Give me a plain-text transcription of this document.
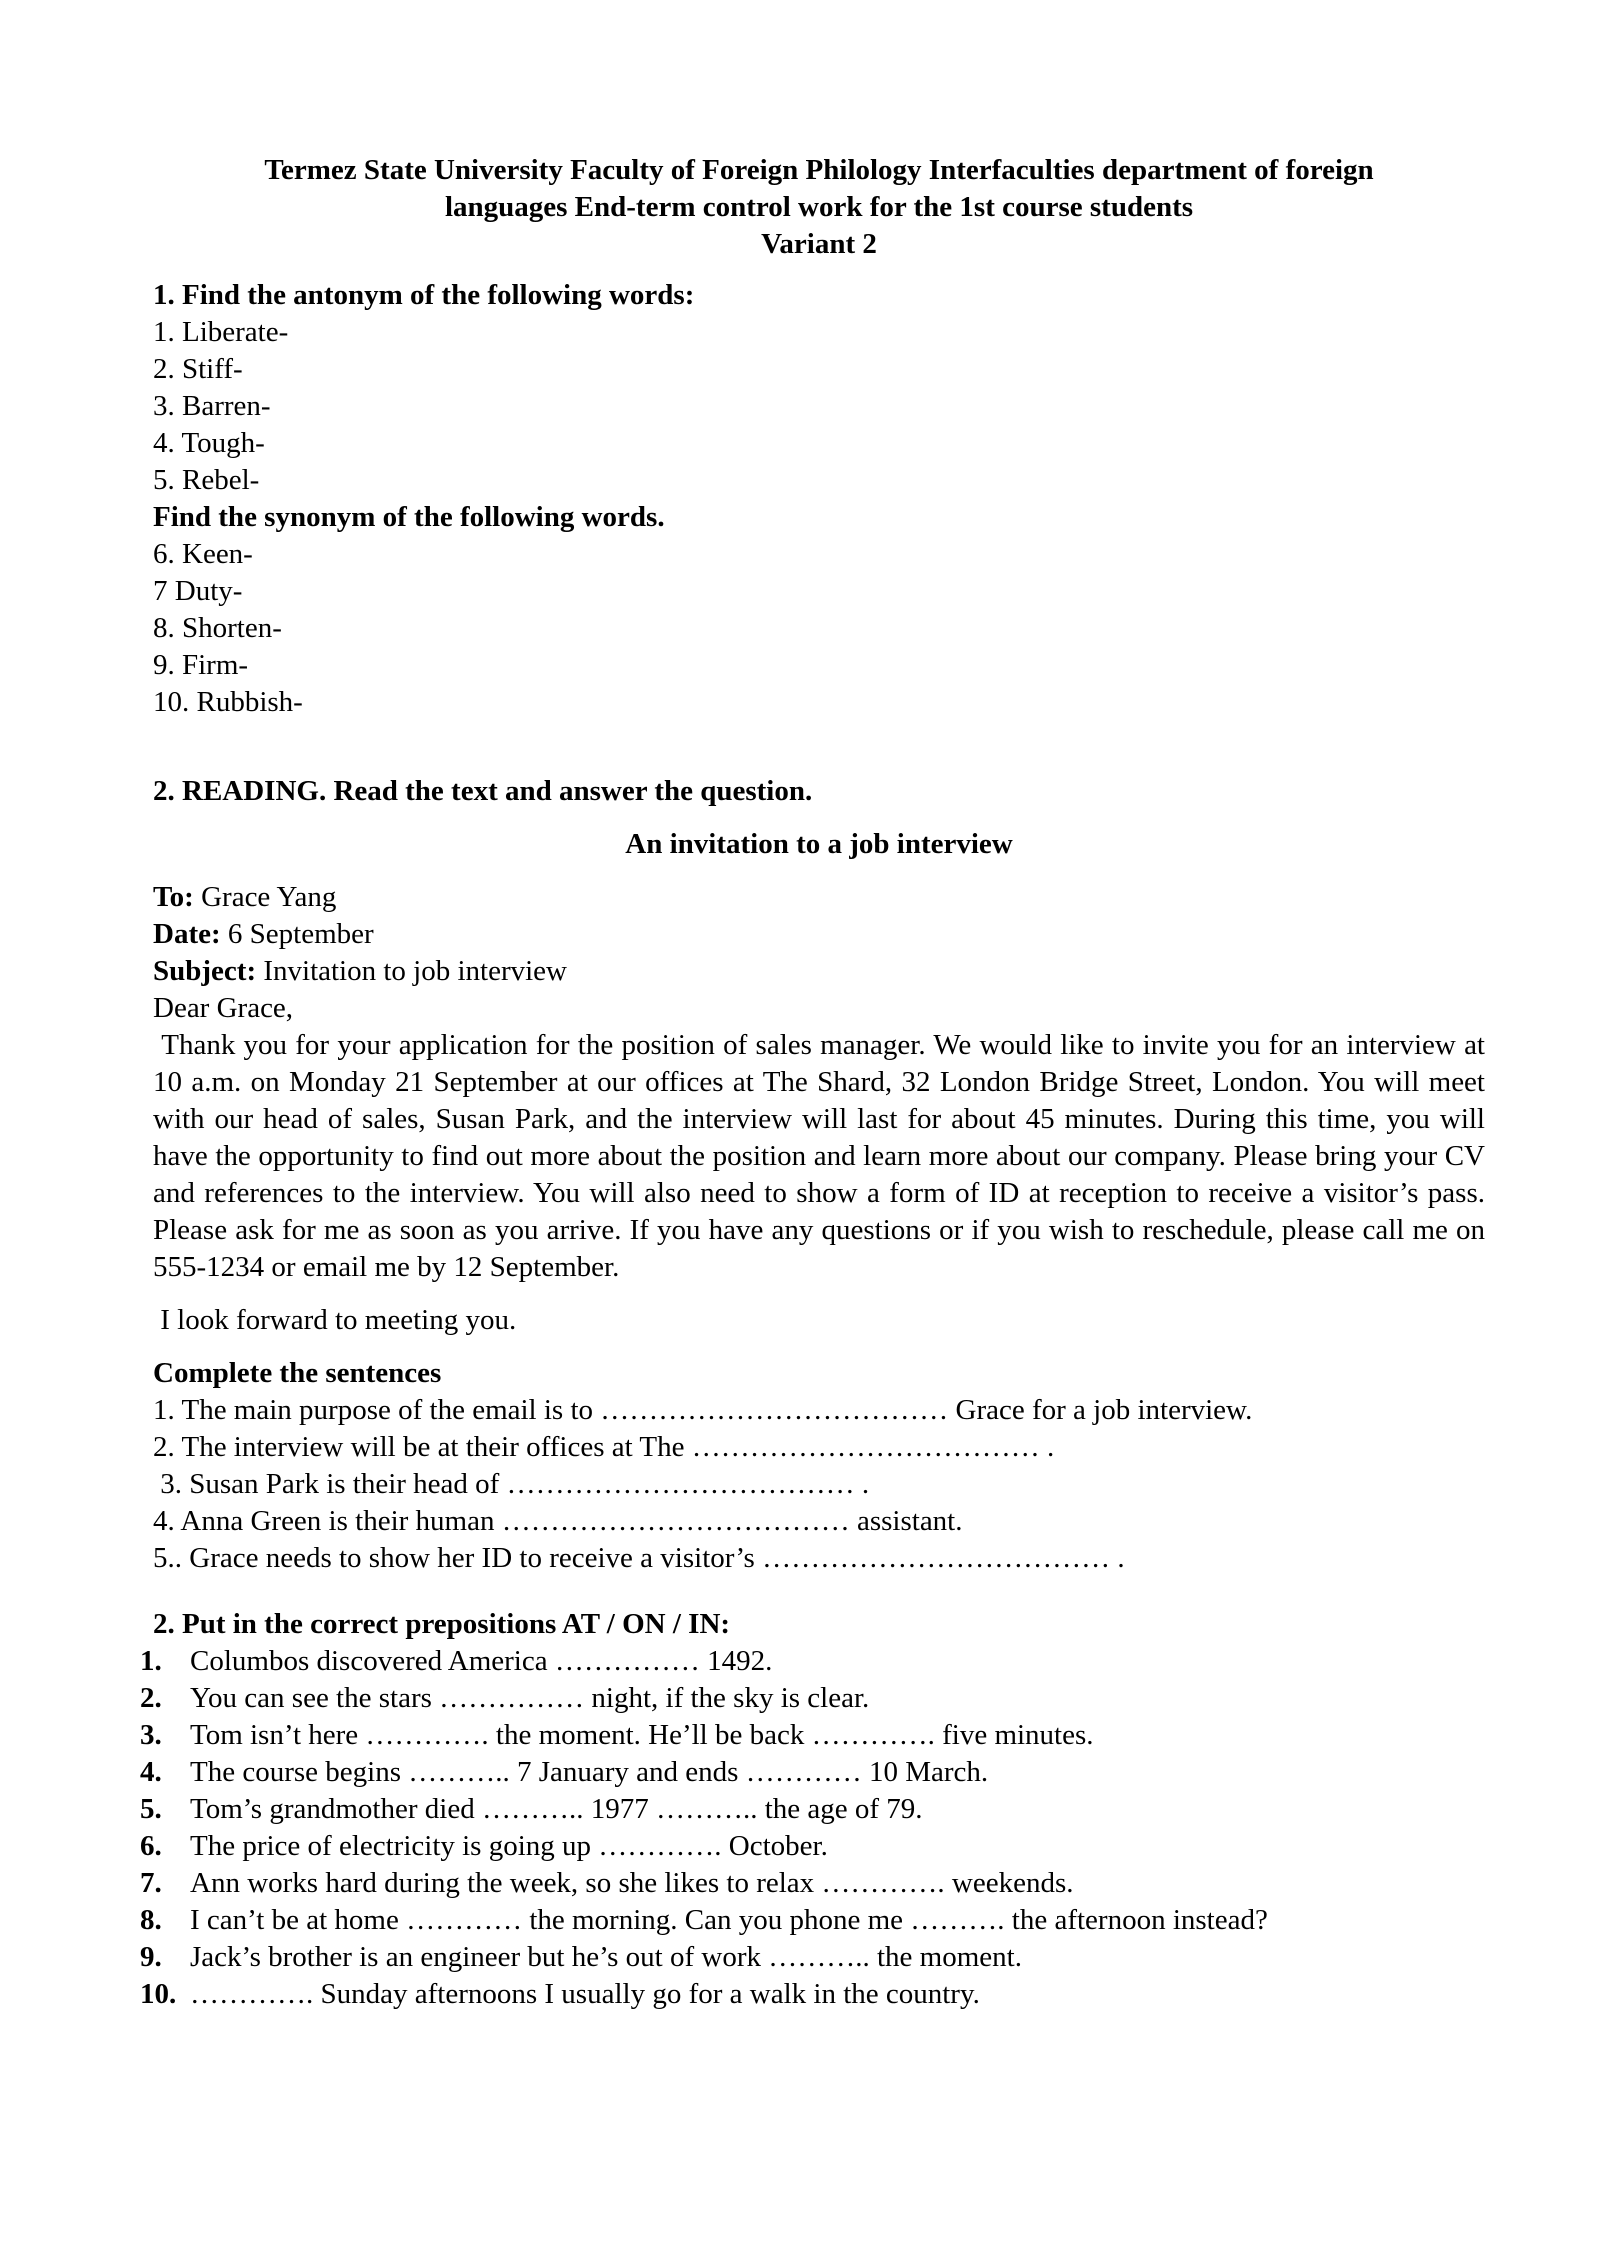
Termez State University Faculty of Foreign Philology Interfaculties department of foreign
languages End-term control work for the 1st course students
Variant 2
1. Find the antonym of the following words:
1. Liberate-
2. Stiff-
3. Barren-
4. Tough-
5. Rebel-
Find the synonym of the following words.
6. Keen-
7 Duty-
8. Shorten-
9. Firm-
10. Rubbish-
2. READING. Read the text and answer the question.
An invitation to a job interview
To: Grace Yang
Date: 6 September
Subject: Invitation to job interview
Dear Grace,
Thank you for your application for the position of sales manager. We would like to invite you for an interview at 10 a.m. on Monday 21 September at our offices at The Shard, 32 London Bridge Street, London. You will meet with our head of sales, Susan Park, and the interview will last for about 45 minutes. During this time, you will have the opportunity to find out more about the position and learn more about our company. Please bring your CV and references to the interview. You will also need to show a form of ID at reception to receive a visitor’s pass. Please ask for me as soon as you arrive. If you have any questions or if you wish to reschedule, please call me on 555-1234 or email me by 12 September.
I look forward to meeting you.
Complete the sentences
1. The main purpose of the email is to ……………………………… Grace for a job interview.
2. The interview will be at their offices at The ……………………………… .
3. Susan Park is their head of ……………………………… .
4. Anna Green is their human ……………………………… assistant.
5.. Grace needs to show her ID to receive a visitor’s ……………………………… .
2. Put in the correct prepositions AT / ON / IN:
1. Columbos discovered America …………… 1492.
2. You can see the stars …………… night, if the sky is clear.
3. Tom isn’t here …………. the moment. He’ll be back …………. five minutes.
4. The course begins ……….. 7 January and ends ………… 10 March.
5. Tom’s grandmother died ……….. 1977 ……….. the age of 79.
6. The price of electricity is going up …………. October.
7. Ann works hard during the week, so she likes to relax …………. weekends.
8. I can’t be at home ………… the morning. Can you phone me ………. the afternoon instead?
9. Jack’s brother is an engineer but he’s out of work ……….. the moment.
10. …………. Sunday afternoons I usually go for a walk in the country.
